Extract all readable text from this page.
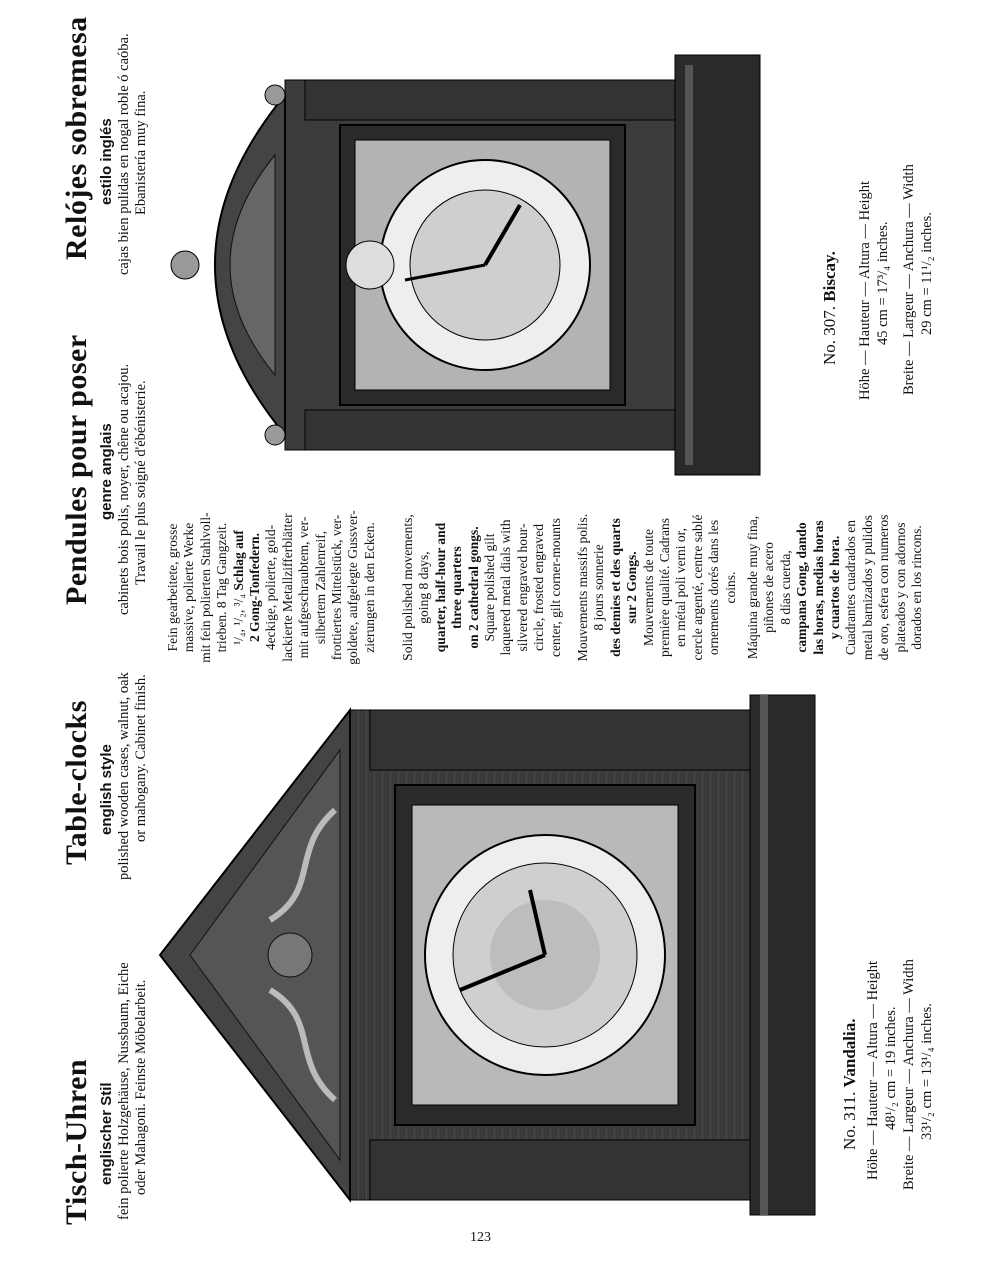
Tisch-Uhren englischer Stil fein polierte Holzgehäuse, Nussbaum, Eiche oder Mahagoni. Feinste Möbelarbeit.
Table-clocks english style polished wooden cases, walnut, oak or mahogany. Cabinet finish.
Pendules pour poser genre anglais cabinets bois polis, noyer, chêne ou acajou. Travail le plus soigné d'ébénisterie.
Relójes sobremesa estilo inglés cajas bien pulidas en nogal roble ó caóba. Ebanistería muy fina.
No. 311. Vandalia. Höhe — Hauteur — Altura — Height 48¹/₂ cm = 19 inches. Breite — Largeur — Anchura — Width 33¹/₂ cm = 13¹/₄ inches.
Fein gearbeitete, grosse massive, polierte Werke mit fein polierten Stahlvoll- trieben. 8 Tag Gangzeit. ¹/₄, ¹/₂, ³/₄ Schlag auf 2 Gong-Tonfedern. 4eckige, polierte, gold- lackierte Metallzifferblätter mit aufgeschraubtem, ver- silbertem Zahlenreif, frottiertes Mittelstück, ver- goldete, aufgelegte Gussver- zierungen in den Ecken. Solid polished movements, going 8 days, quarter, half-hour and three quarters on 2 cathedral gongs. Square polished gilt laquered metal dials with silvered engraved hour- circle, frosted engraved center, gilt corner-mounts Mouvements massifs polis. 8 jours sonnerie des demies et des quarts sur 2 Gongs. Mouvements de toute première qualité. Cadrans en métal poli verni or, cercle argenté, centre sablé ornements dorés dans les coins. Máquina grande muy fina, piñones de acero 8 días cuerda, campana Gong, dando las horas, medias horas y cuartos de hora. Cuadrantes cuadrados en metal barnizados y pulidos de oro, esfera con numeros plateados y con adornos dorados en los rincons.
No. 307. Biscay. Höhe — Hauteur — Altura — Height 45 cm = 17³/₄ inches. Breite — Largeur — Anchura — Width 29 cm = 11¹/₂ inches.
123
